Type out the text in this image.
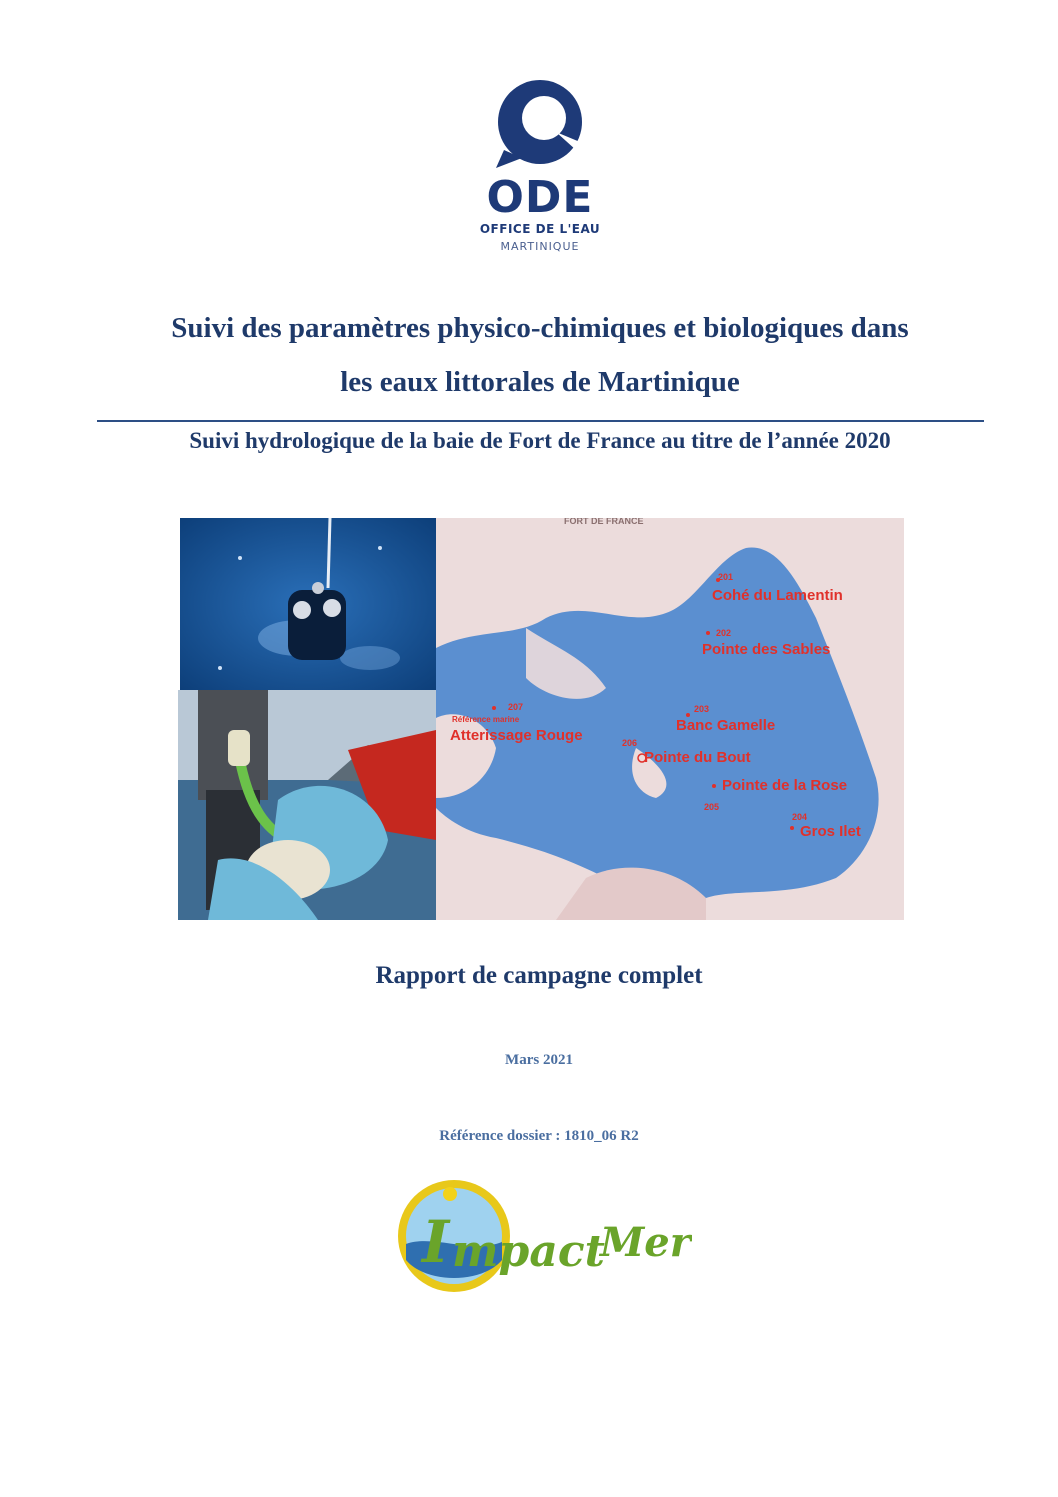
ODE
OFFICE DE L'EAU
MARTINIQUE
Suivi des paramètres physico-chimiques et biologiques dans
les eaux littorales de Martinique
Suivi hydrologique de la baie de Fort de France au titre de l’année 2020
FORT DE FRANCE
201
Cohé du Lamentin
202
Pointe des Sables
203
Banc Gamelle
206
Pointe du Bout
Pointe de la Rose
205
204
Gros Ilet
207
Référence marine
Atterissage Rouge
Rapport de campagne complet
Mars 2021
Référence dossier : 1810_06 R2
I mpact
Mer
